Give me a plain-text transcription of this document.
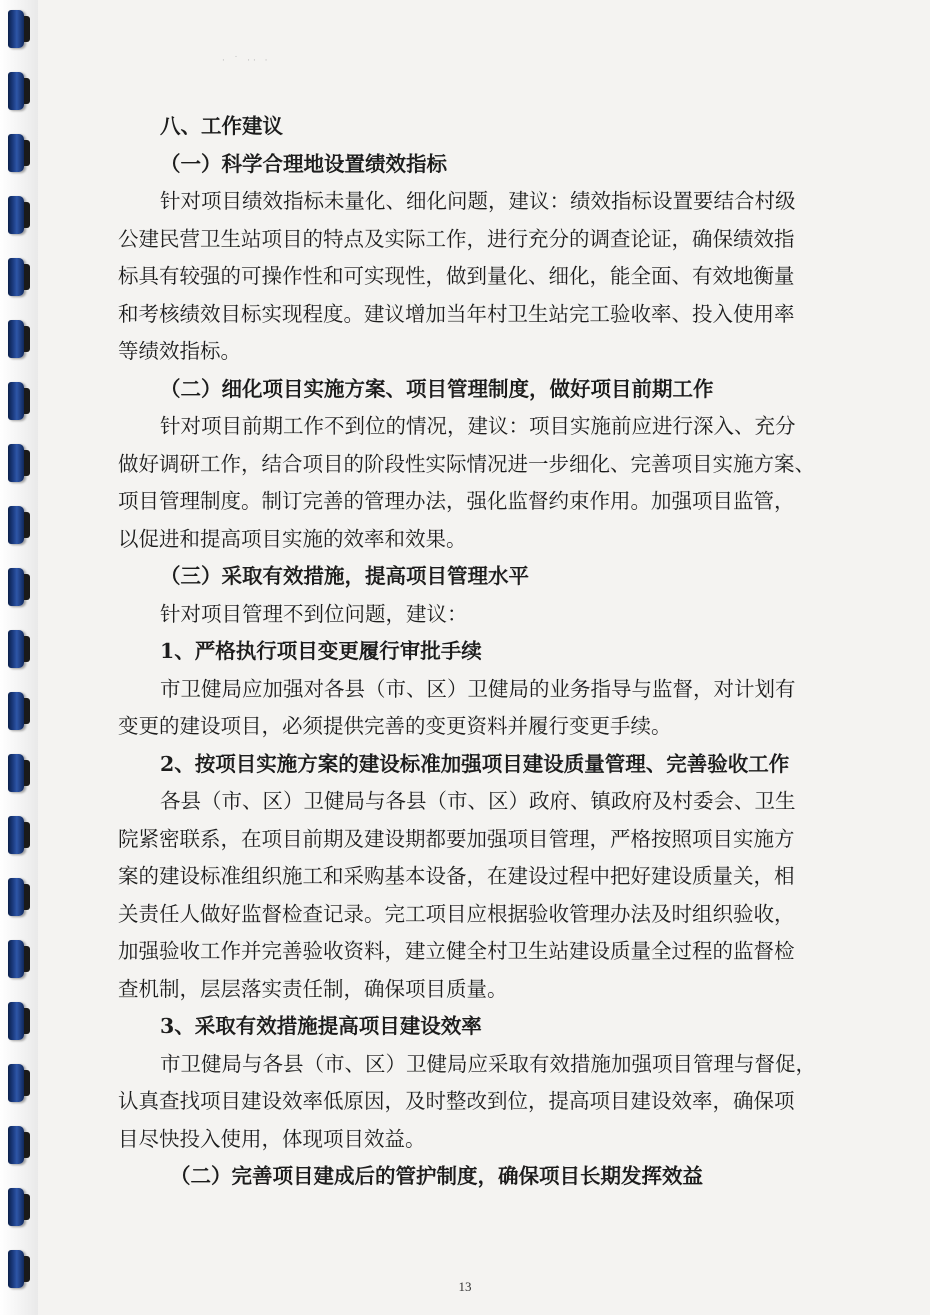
· ˙ ·· ·
八、工作建议
（一）科学合理地设置绩效指标
针对项目绩效指标未量化、细化问题，建议：绩效指标设置要结合村级
公建民营卫生站项目的特点及实际工作，进行充分的调查论证，确保绩效指
标具有较强的可操作性和可实现性，做到量化、细化，能全面、有效地衡量
和考核绩效目标实现程度。建议增加当年村卫生站完工验收率、投入使用率
等绩效指标。
（二）细化项目实施方案、项目管理制度，做好项目前期工作
针对项目前期工作不到位的情况，建议：项目实施前应进行深入、充分
做好调研工作，结合项目的阶段性实际情况进一步细化、完善项目实施方案、
项目管理制度。制订完善的管理办法，强化监督约束作用。加强项目监管，
以促进和提高项目实施的效率和效果。
（三）采取有效措施，提高项目管理水平
针对项目管理不到位问题，建议：
1、严格执行项目变更履行审批手续
市卫健局应加强对各县（市、区）卫健局的业务指导与监督，对计划有
变更的建设项目，必须提供完善的变更资料并履行变更手续。
2、按项目实施方案的建设标准加强项目建设质量管理、完善验收工作
各县（市、区）卫健局与各县（市、区）政府、镇政府及村委会、卫生
院紧密联系，在项目前期及建设期都要加强项目管理，严格按照项目实施方
案的建设标准组织施工和采购基本设备，在建设过程中把好建设质量关，相
关责任人做好监督检查记录。完工项目应根据验收管理办法及时组织验收，
加强验收工作并完善验收资料，建立健全村卫生站建设质量全过程的监督检
查机制，层层落实责任制，确保项目质量。
3、采取有效措施提高项目建设效率
市卫健局与各县（市、区）卫健局应采取有效措施加强项目管理与督促，
认真查找项目建设效率低原因，及时整改到位，提高项目建设效率，确保项
目尽快投入使用，体现项目效益。
（二）完善项目建成后的管护制度，确保项目长期发挥效益
13
